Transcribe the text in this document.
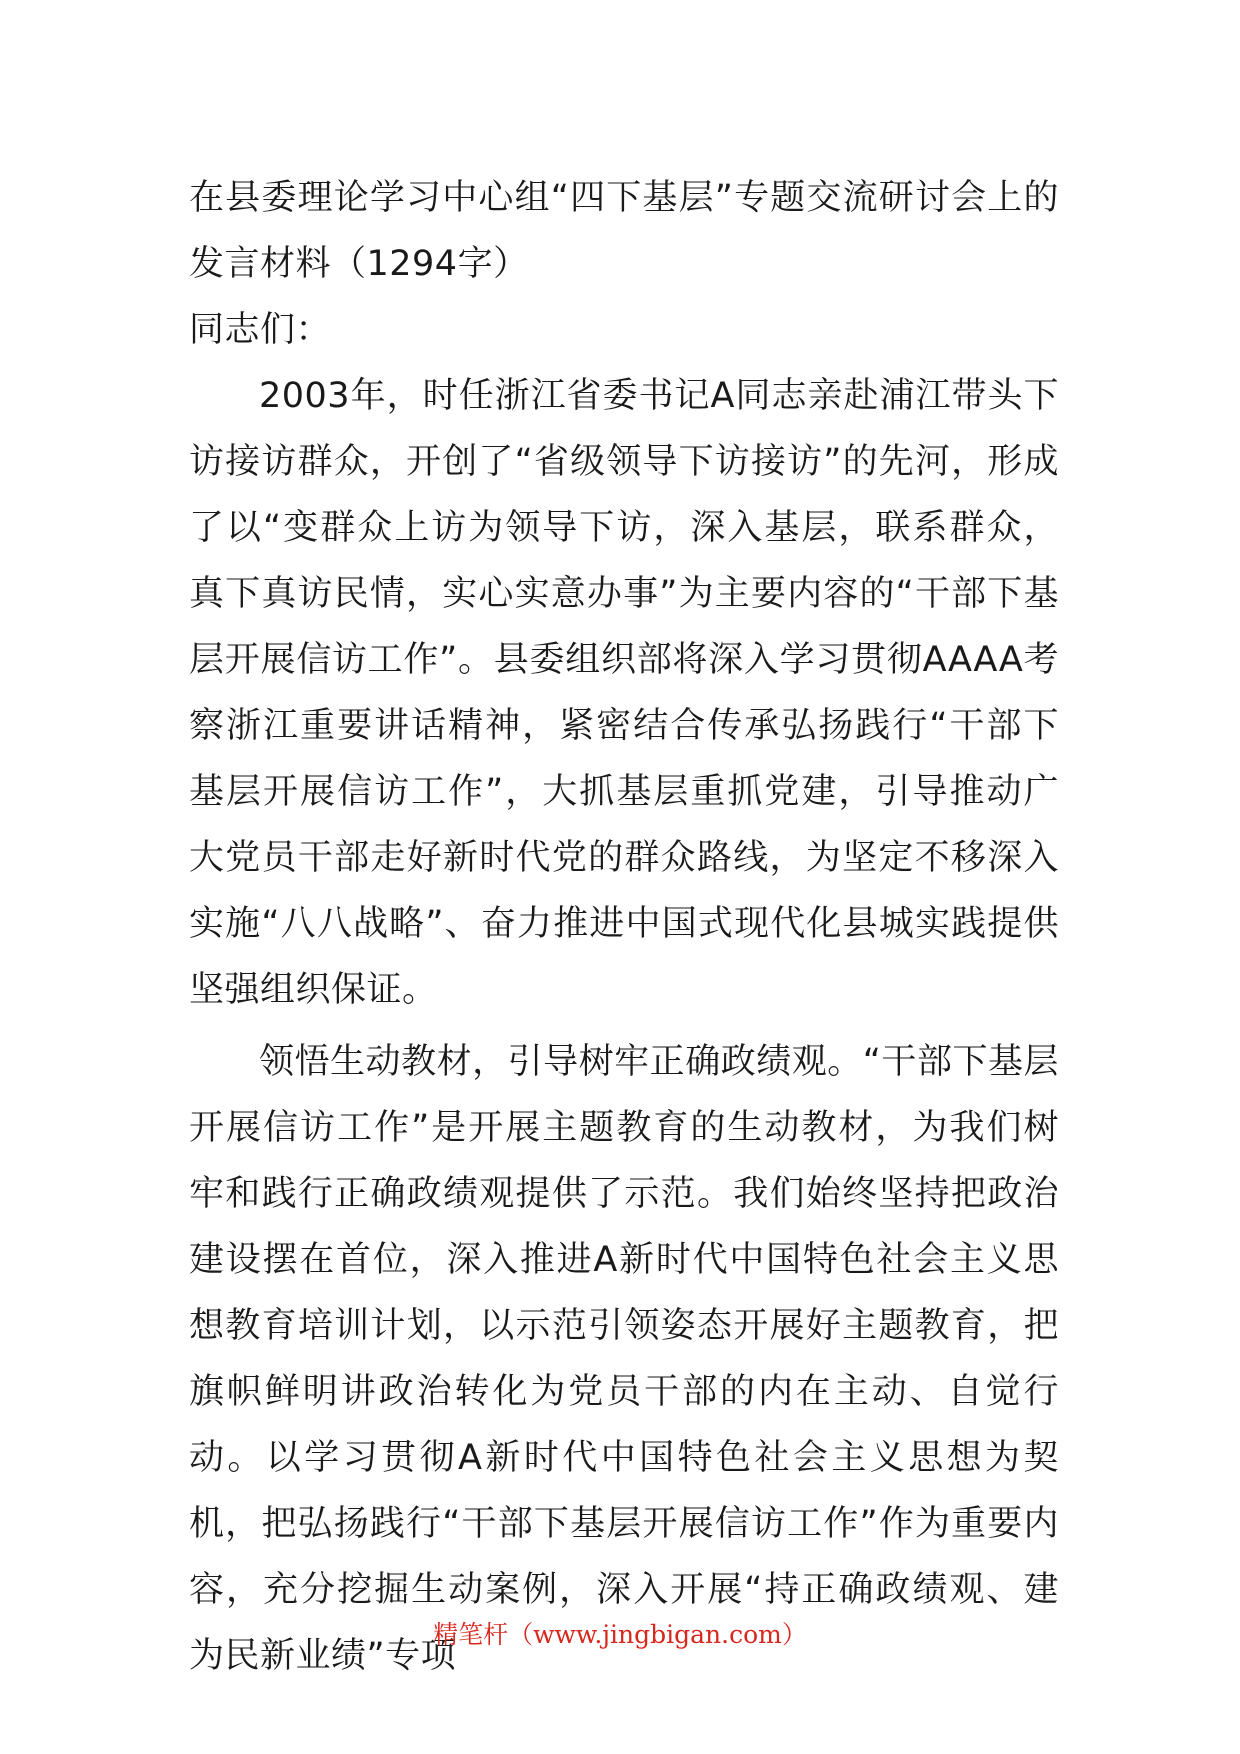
在县委理论学习中心组“四下基层”专题交流研讨会上的发言材料（1294字）

同志们：

2003年，时任浙江省委书记A同志亲赴浦江带头下访接访群众，开创了“省级领导下访接访”的先河，形成了以“变群众上访为领导下访，深入基层，联系群众，真下真访民情，实心实意办事”为主要内容的“干部下基层开展信访工作”。县委组织部将深入学习贯彻AAAA考察浙江重要讲话精神，紧密结合传承弘扬践行“干部下基层开展信访工作”，大抓基层重抓党建，引导推动广大党员干部走好新时代党的群众路线，为坚定不移深入实施“八八战略”、奋力推进中国式现代化县城实践提供坚强组织保证。

领悟生动教材，引导树牢正确政绩观。“干部下基层开展信访工作”是开展主题教育的生动教材，为我们树牢和践行正确政绩观提供了示范。我们始终坚持把政治建设摆在首位，深入推进A新时代中国特色社会主义思想教育培训计划，以示范引领姿态开展好主题教育，把旗帜鲜明讲政治转化为党员干部的内在主动、自觉行动。以学习贯彻A新时代中国特色社会主义思想为契机，把弘扬践行“干部下基层开展信访工作”作为重要内容，充分挖掘生动案例，深入开展“持正确政绩观、建为民新业绩”专项

精笔杆（www.jingbigan.com）
